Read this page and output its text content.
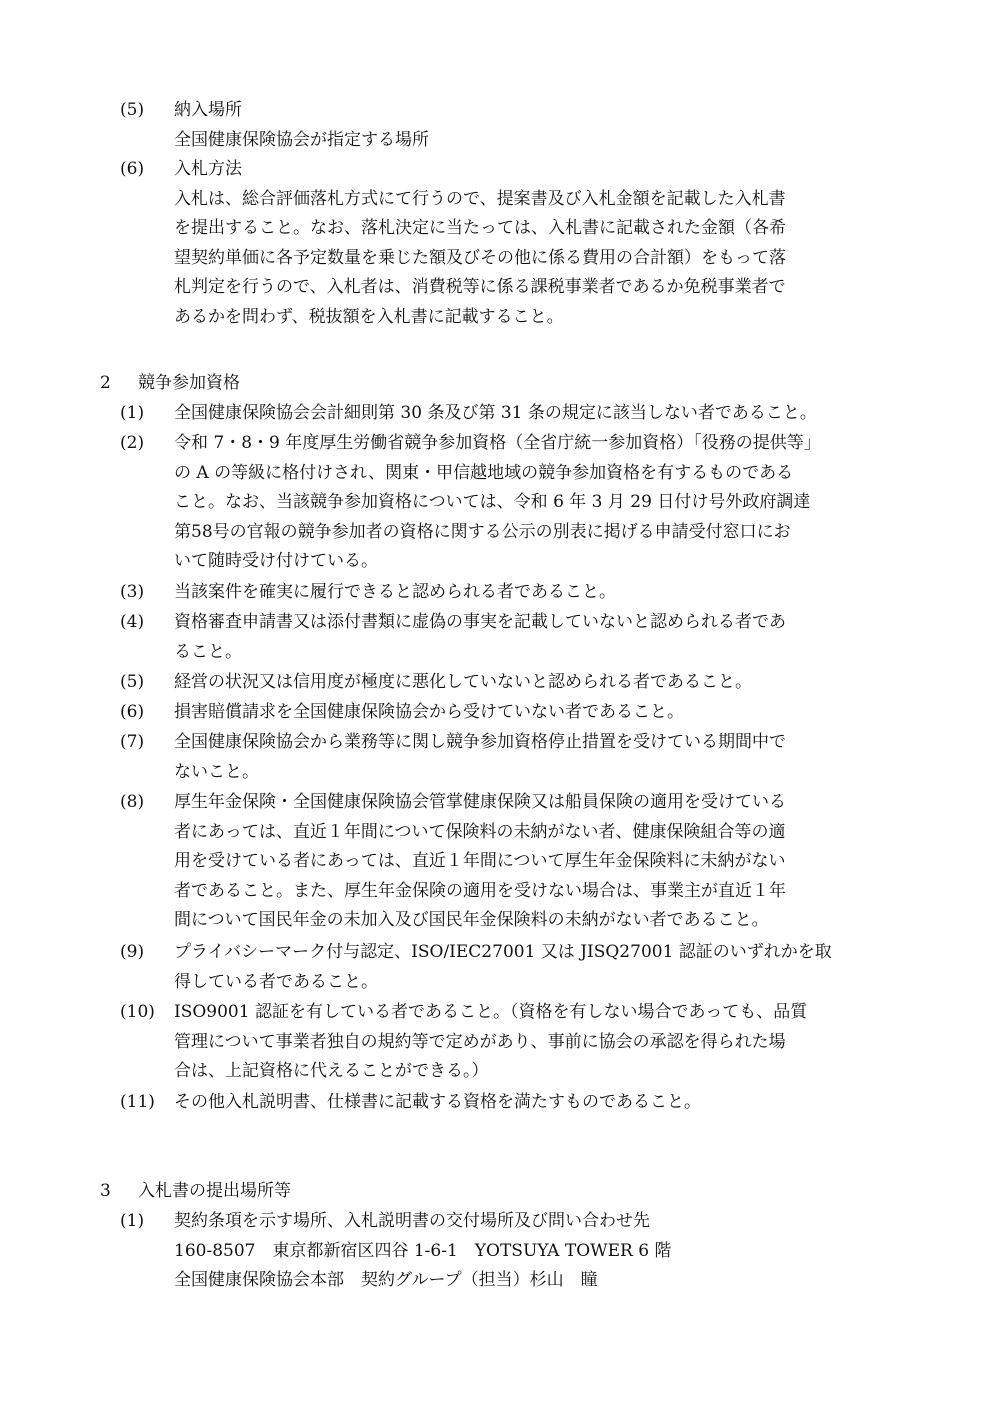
(5)	納入場所
全国健康保険協会が指定する場所
(6)	入札方法
入札は、総合評価落札方式にて行うので、提案書及び入札金額を記載した入札書
を提出すること。なお、落札決定に当たっては、入札書に記載された金額（各希
望契約単価に各予定数量を乗じた額及びその他に係る費用の合計額）をもって落
札判定を行うので、入札者は、消費税等に係る課税事業者であるか免税事業者で
あるかを問わず、税抜額を入札書に記載すること。
2 競争参加資格
(1)	全国健康保険協会会計細則第 30 条及び第 31 条の規定に該当しない者であること。
(2)	令和 7・8・9 年度厚生労働省競争参加資格（全省庁統一参加資格）「役務の提供等」
の A の等級に格付けされ、関東・甲信越地域の競争参加資格を有するものである
こと。なお、当該競争参加資格については、令和 6 年 3 月 29 日付け号外政府調達
第58号の官報の競争参加者の資格に関する公示の別表に掲げる申請受付窓口にお
いて随時受け付けている。
(3)	当該案件を確実に履行できると認められる者であること。
(4)	資格審査申請書又は添付書類に虚偽の事実を記載していないと認められる者であ
ること。
(5)	経営の状況又は信用度が極度に悪化していないと認められる者であること。
(6)	損害賠償請求を全国健康保険協会から受けていない者であること。
(7)	全国健康保険協会から業務等に関し競争参加資格停止措置を受けている期間中で
ないこと。
(8)	厚生年金保険・全国健康保険協会管掌健康保険又は船員保険の適用を受けている
者にあっては、直近１年間について保険料の未納がない者、健康保険組合等の適
用を受けている者にあっては、直近１年間について厚生年金保険料に未納がない
者であること。また、厚生年金保険の適用を受けない場合は、事業主が直近１年
間について国民年金の未加入及び国民年金保険料の未納がない者であること。
(9)	プライバシーマーク付与認定、ISO/IEC27001 又は JISQ27001 認証のいずれかを取
得している者であること。
(10)	ISO9001 認証を有している者であること。（資格を有しない場合であっても、品質
管理について事業者独自の規約等で定めがあり、事前に協会の承認を得られた場
合は、上記資格に代えることができる。）
(11)	その他入札説明書、仕様書に記載する資格を満たすものであること。
3 入札書の提出場所等
(1)	契約条項を示す場所、入札説明書の交付場所及び問い合わせ先
160-8507　東京都新宿区四谷 1-6-1　YOTSUYA TOWER 6 階
全国健康保険協会本部　契約グループ（担当）杉山　瞳
